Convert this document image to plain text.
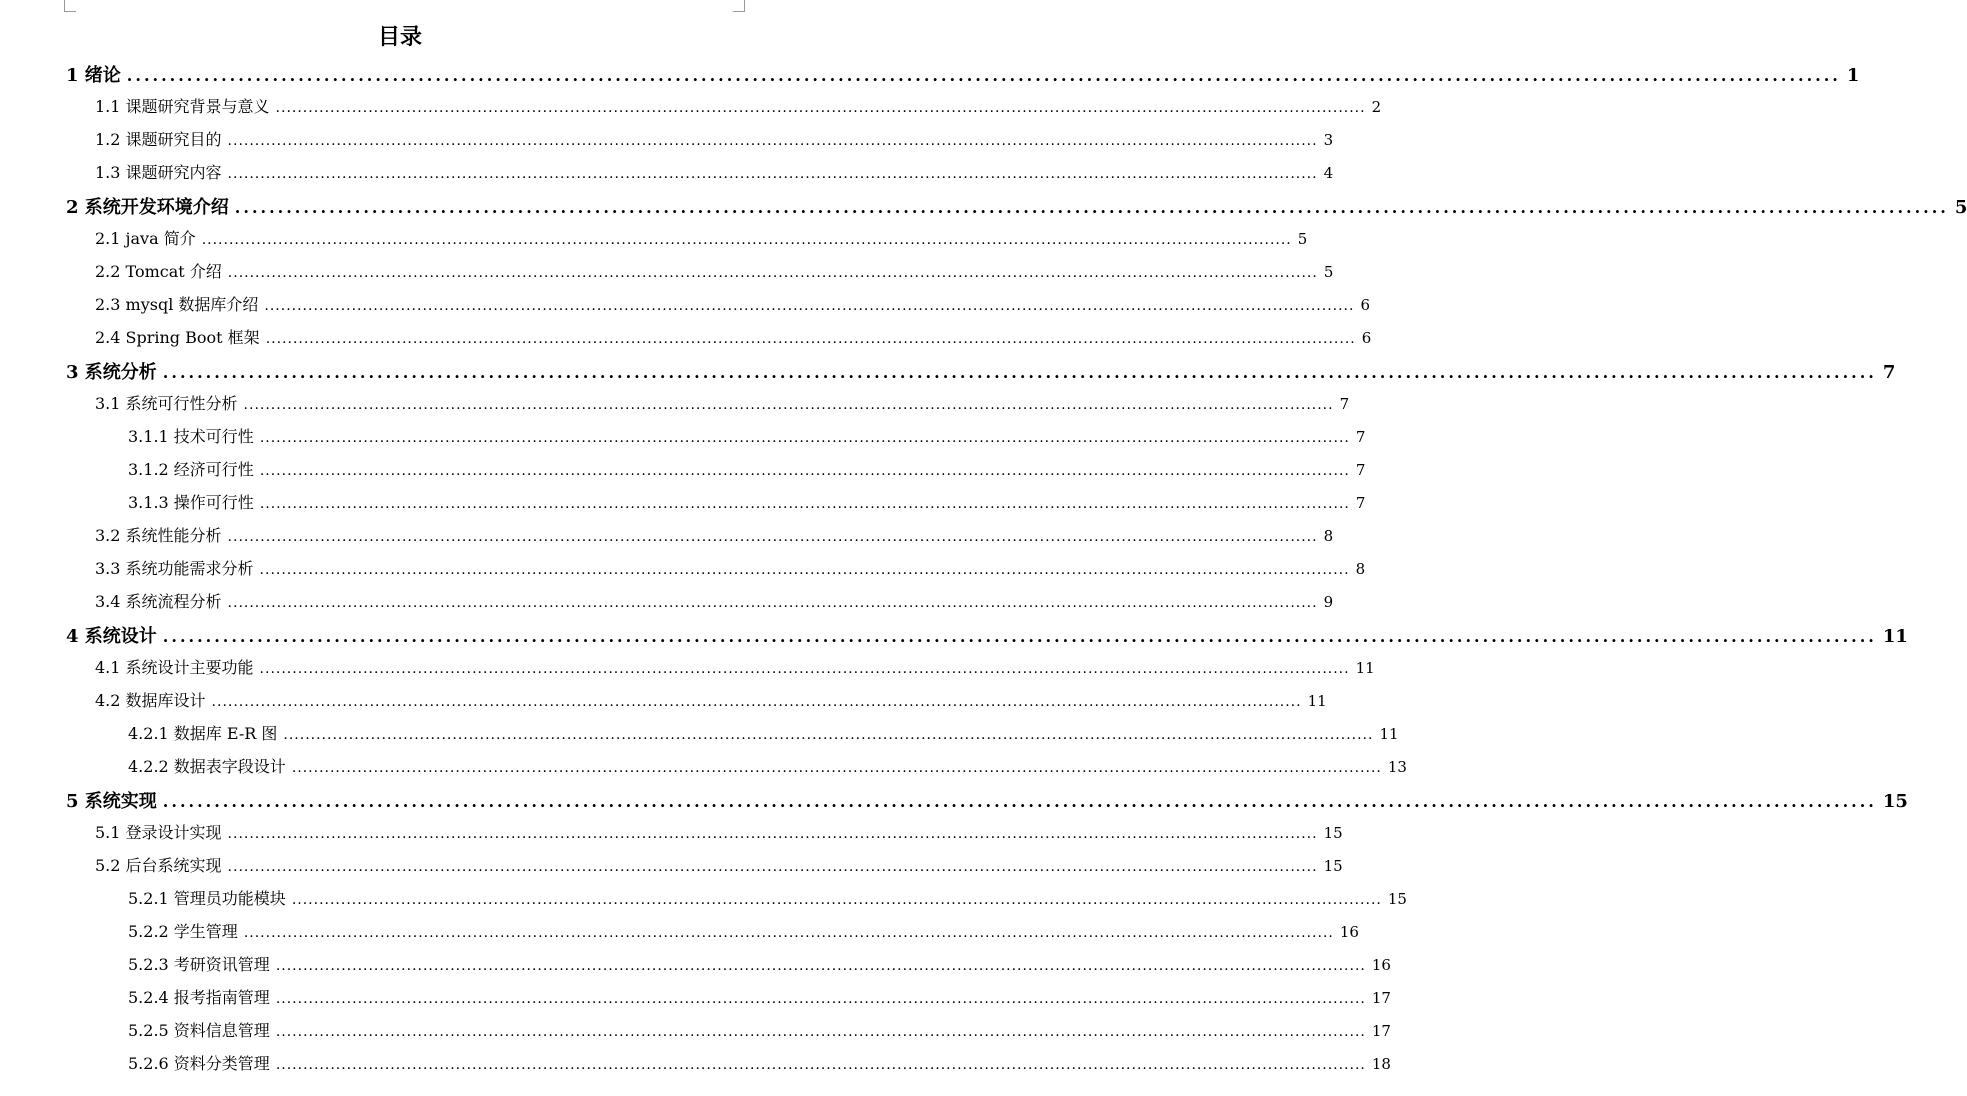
目录
1 绪论 ........................................................................................................................................................................................................ 1
1.1 课题研究背景与意义 ........................................................................................................................................................................................................ 2
1.2 课题研究目的 ........................................................................................................................................................................................................ 3
1.3 课题研究内容 ........................................................................................................................................................................................................ 4
2 系统开发环境介绍 ........................................................................................................................................................................................................ 5
2.1 java 简介 ........................................................................................................................................................................................................ 5
2.2 Tomcat 介绍 ........................................................................................................................................................................................................ 5
2.3 mysql 数据库介绍 ........................................................................................................................................................................................................ 6
2.4 Spring Boot 框架 ........................................................................................................................................................................................................ 6
3 系统分析 ........................................................................................................................................................................................................ 7
3.1 系统可行性分析 ........................................................................................................................................................................................................ 7
3.1.1 技术可行性 ........................................................................................................................................................................................................ 7
3.1.2 经济可行性 ........................................................................................................................................................................................................ 7
3.1.3 操作可行性 ........................................................................................................................................................................................................ 7
3.2 系统性能分析 ........................................................................................................................................................................................................ 8
3.3 系统功能需求分析 ........................................................................................................................................................................................................ 8
3.4 系统流程分析 ........................................................................................................................................................................................................ 9
4 系统设计 ........................................................................................................................................................................................................ 11
4.1 系统设计主要功能 ........................................................................................................................................................................................................ 11
4.2 数据库设计 ........................................................................................................................................................................................................ 11
4.2.1 数据库 E-R 图 ........................................................................................................................................................................................................ 11
4.2.2 数据表字段设计 ........................................................................................................................................................................................................ 13
5 系统实现 ........................................................................................................................................................................................................ 15
5.1 登录设计实现 ........................................................................................................................................................................................................ 15
5.2 后台系统实现 ........................................................................................................................................................................................................ 15
5.2.1 管理员功能模块 ........................................................................................................................................................................................................ 15
5.2.2 学生管理 ........................................................................................................................................................................................................ 16
5.2.3 考研资讯管理 ........................................................................................................................................................................................................ 16
5.2.4 报考指南管理 ........................................................................................................................................................................................................ 17
5.2.5 资料信息管理 ........................................................................................................................................................................................................ 17
5.2.6 资料分类管理 ........................................................................................................................................................................................................ 18
